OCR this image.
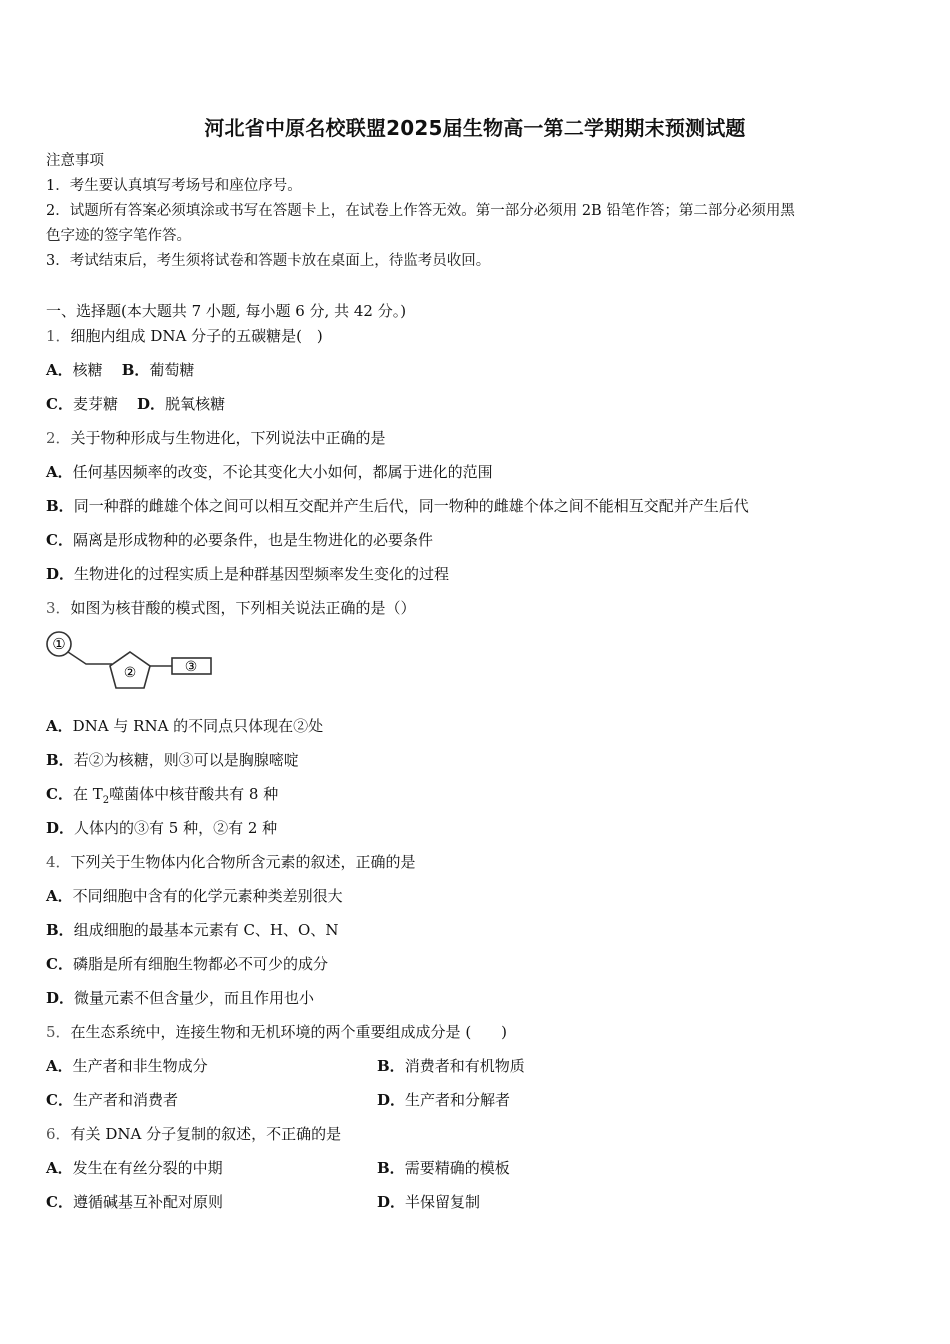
河北省中原名校联盟2025届生物高一第二学期期末预测试题
注意事项
1．考生要认真填写考场号和座位序号。
2．试题所有答案必须填涂或书写在答题卡上，在试卷上作答无效。第一部分必须用 2B 铅笔作答；第二部分必须用黑
色字迹的签字笔作答。
3．考试结束后，考生须将试卷和答题卡放在桌面上，待监考员收回。
一、选择题(本大题共 7 小题, 每小题 6 分, 共 42 分。)
1．细胞内组成 DNA 分子的五碳糖是(　)
A．核糖 B．葡萄糖
C．麦芽糖 D．脱氧核糖
2．关于物种形成与生物进化，下列说法中正确的是
A．任何基因频率的改变，不论其变化大小如何，都属于进化的范围
B．同一种群的雌雄个体之间可以相互交配并产生后代，同一物种的雌雄个体之间不能相互交配并产生后代
C．隔离是形成物种的必要条件，也是生物进化的必要条件
D．生物进化的过程实质上是种群基因型频率发生变化的过程
3．如图为核苷酸的模式图，下列相关说法正确的是（）
①
②	③
A．DNA 与 RNA 的不同点只体现在②处
B．若②为核糖，则③可以是胸腺嘧啶
C．在 $T_2$噬菌体中核苷酸共有 8 种
D．人体内的③有 5 种，②有 2 种
4．下列关于生物体内化合物所含元素的叙述，正确的是
A．不同细胞中含有的化学元素种类差别很大
B．组成细胞的最基本元素有 C、H、O、N
C．磷脂是所有细胞生物都必不可少的成分
D．微量元素不但含量少，而且作用也小
5．在生态系统中，连接生物和无机环境的两个重要组成成分是 (　　)
A．生产者和非生物成分	B．消费者和有机物质
C．生产者和消费者	D．生产者和分解者
6．有关 DNA 分子复制的叙述，不正确的是
A．发生在有丝分裂的中期	B．需要精确的模板
C．遵循碱基互补配对原则	D．半保留复制
